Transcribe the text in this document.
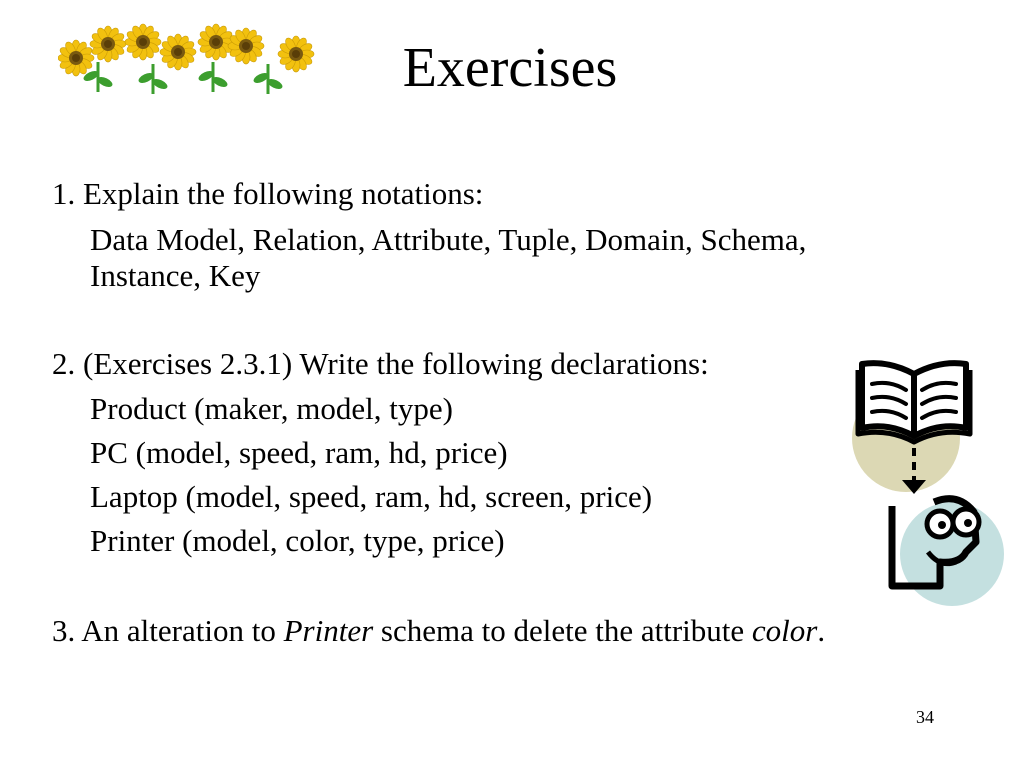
Exercises
1. Explain the following notations:
Data Model, Relation, Attribute, Tuple, Domain, Schema,
Instance, Key
2. (Exercises 2.3.1) Write the following declarations:
Product (maker, model, type)
PC (model, speed, ram, hd, price)
Laptop (model, speed, ram, hd, screen, price)
Printer (model, color, type, price)
3. An alteration to Printer schema to delete the attribute color.
34
